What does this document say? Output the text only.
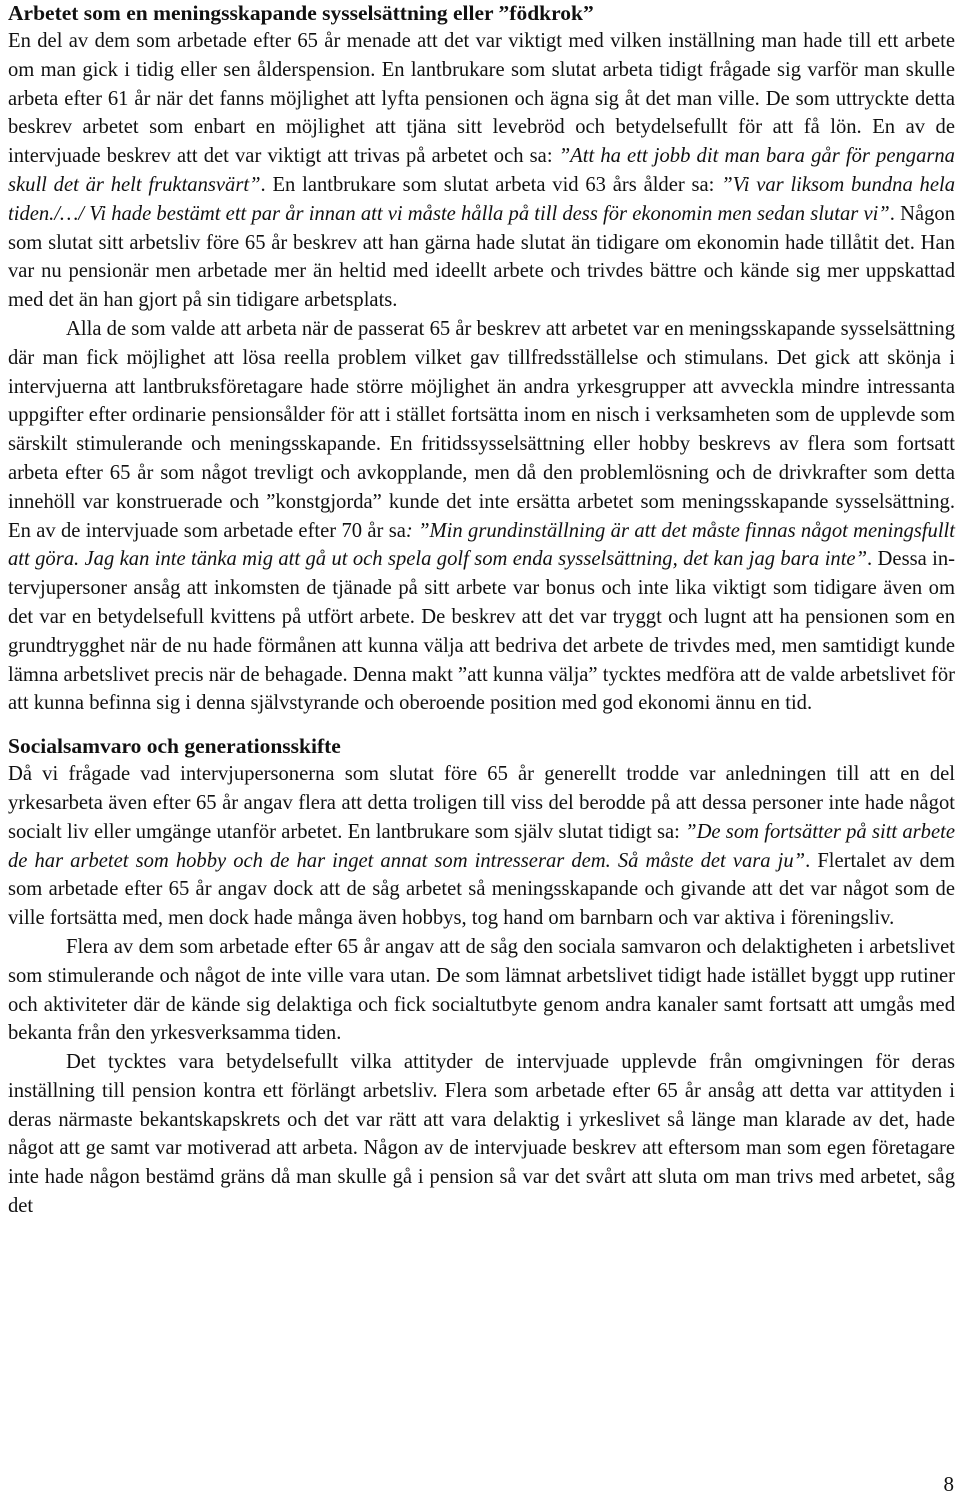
Arbetet som en meningsskapande sysselsättning eller ”födkrok”

En del av dem som arbetade efter 65 år menade att det var viktigt med vilken inställning man hade till ett arbete om man gick i tidig eller sen ålderspension. En lantbrukare som slutat arbeta tidigt frågade sig varför man skulle arbeta efter 61 år när det fanns möjlighet att lyfta pensionen och ägna sig åt det man ville. De som uttryckte detta beskrev arbetet som enbart en möjlighet att tjäna sitt levebröd och betydelsefullt för att få lön. En av de intervjuade beskrev att det var viktigt att trivas på arbetet och sa: ”Att ha ett jobb dit man bara går för pengarna skull det är helt fruktansvärt”. En lantbrukare som slutat arbeta vid 63 års ålder sa: ”Vi var liksom bundna hela tiden./…/ Vi hade bestämt ett par år innan att vi måste hålla på till dess för ekonomin men sedan slutar vi”. Någon som slutat sitt arbetsliv före 65 år beskrev att han gärna hade slutat än tidigare om ekonomin hade tillåtit det. Han var nu pensionär men arbetade mer än heltid med ideellt arbete och trivdes bättre och kände sig mer uppskattad med det än han gjort på sin tidigare arbetsplats.

Alla de som valde att arbeta när de passerat 65 år beskrev att arbetet var en meningsskapande sysselsättning där man fick möjlighet att lösa reella problem vilket gav tillfredsställelse och stimulans. Det gick att skönja i intervjuerna att lantbruksföretagare hade större möjlighet än andra yrkesgrupper att avveckla mindre intressanta uppgifter efter ordinarie pensionsålder för att i stället fortsätta inom en nisch i verksamheten som de upplevde som särskilt stimulerande och meningsskapande. En fritidssysselsättning eller hobby beskrevs av flera som fortsatt arbeta efter 65 år som något trevligt och avkopplande, men då den problemlösning och de drivkrafter som detta innehöll var konstruerade och ”konstgjorda” kunde det inte ersätta arbetet som meningsskapande sysselsättning. En av de intervjuade som arbetade efter 70 år sa: ”Min grundinställning är att det måste finnas något meningsfullt att göra. Jag kan inte tänka mig att gå ut och spela golf som enda sysselsättning, det kan jag bara inte”. Dessa intervjupersoner ansåg att inkomsten de tjänade på sitt arbete var bonus och inte lika viktigt som tidigare även om det var en betydelsefull kvittens på utfört arbete. De beskrev att det var tryggt och lugnt att ha pensionen som en grundtrygghet när de nu hade förmånen att kunna välja att bedriva det arbete de trivdes med, men samtidigt kunde lämna arbetslivet precis när de behagade. Denna makt ”att kunna välja” tycktes medföra att de valde arbetslivet för att kunna befinna sig i denna självstyrande och oberoende position med god ekonomi ännu en tid.

Socialsamvaro och generationsskifte

Då vi frågade vad intervjupersonerna som slutat före 65 år generellt trodde var anledningen till att en del yrkesarbeta även efter 65 år angav flera att detta troligen till viss del berodde på att dessa personer inte hade något socialt liv eller umgänge utanför arbetet. En lantbrukare som själv slutat tidigt sa: ”De som fortsätter på sitt arbete de har arbetet som hobby och de har inget annat som intresserar dem. Så måste det vara ju”. Flertalet av dem som arbetade efter 65 år angav dock att de såg arbetet så meningsskapande och givande att det var något som de ville fortsätta med, men dock hade många även hobbys, tog hand om barnbarn och var aktiva i föreningsliv.

Flera av dem som arbetade efter 65 år angav att de såg den sociala samvaron och delaktigheten i arbetslivet som stimulerande och något de inte ville vara utan. De som lämnat arbetslivet tidigt hade istället byggt upp rutiner och aktiviteter där de kände sig delaktiga och fick socialtutbyte genom andra kanaler samt fortsatt att umgås med bekanta från den yrkesverksamma tiden.

Det tycktes vara betydelsefullt vilka attityder de intervjuade upplevde från omgivningen för deras inställning till pension kontra ett förlängt arbetsliv. Flera som arbetade efter 65 år ansåg att detta var attityden i deras närmaste bekantskapskrets och det var rätt att vara delaktig i yrkeslivet så länge man klarade av det, hade något att ge samt var motiverad att arbeta. Någon av de intervjuade beskrev att eftersom man som egen företagare inte hade någon bestämd gräns då man skulle gå i pension så var det svårt att sluta om man trivs med arbetet, såg det

8
